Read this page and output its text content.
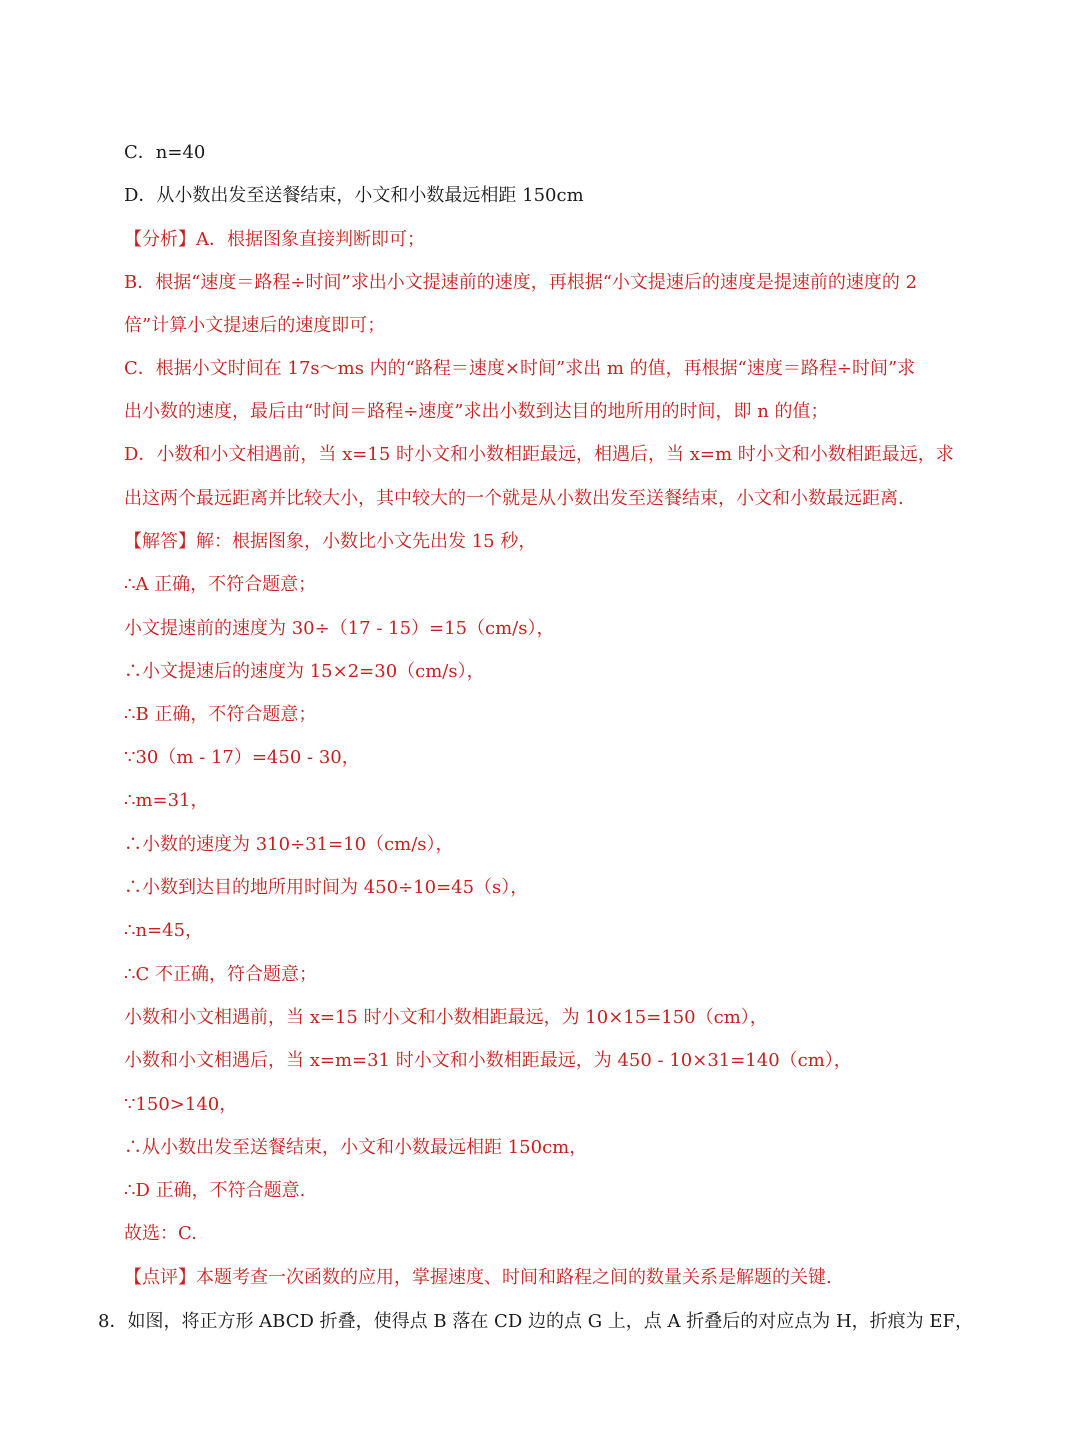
C．n=40
D．从小数出发至送餐结束，小文和小数最远相距 150cm
【分析】A．根据图象直接判断即可；
B．根据“速度＝路程÷时间”求出小文提速前的速度，再根据“小文提速后的速度是提速前的速度的 2
倍”计算小文提速后的速度即可；
C．根据小文时间在 17s～ms 内的“路程＝速度×时间”求出 m 的值，再根据“速度＝路程÷时间”求
出小数的速度，最后由“时间＝路程÷速度”求出小数到达目的地所用的时间，即 n 的值；
D．小数和小文相遇前，当 x=15 时小文和小数相距最远，相遇后，当 x=m 时小文和小数相距最远，求
出这两个最远距离并比较大小，其中较大的一个就是从小数出发至送餐结束，小文和小数最远距离.
【解答】解：根据图象，小数比小文先出发 15 秒，
∴A 正确，不符合题意；
小文提速前的速度为 30÷（17 - 15）=15（cm/s），
∴小文提速后的速度为 15×2=30（cm/s），
∴B 正确，不符合题意；
∵30（m - 17）=450 - 30，
∴m=31，
∴小数的速度为 310÷31=10（cm/s），
∴小数到达目的地所用时间为 450÷10=45（s），
∴n=45，
∴C 不正确，符合题意；
小数和小文相遇前，当 x=15 时小文和小数相距最远，为 10×15=150（cm），
小数和小文相遇后，当 x=m=31 时小文和小数相距最远，为 450 - 10×31=140（cm），
∵150>140，
∴从小数出发至送餐结束，小文和小数最远相距 150cm，
∴D 正确，不符合题意.
故选：C.
【点评】本题考查一次函数的应用，掌握速度、时间和路程之间的数量关系是解题的关键.
8．如图，将正方形 ABCD 折叠，使得点 B 落在 CD 边的点 G 上，点 A 折叠后的对应点为 H，折痕为 EF，
